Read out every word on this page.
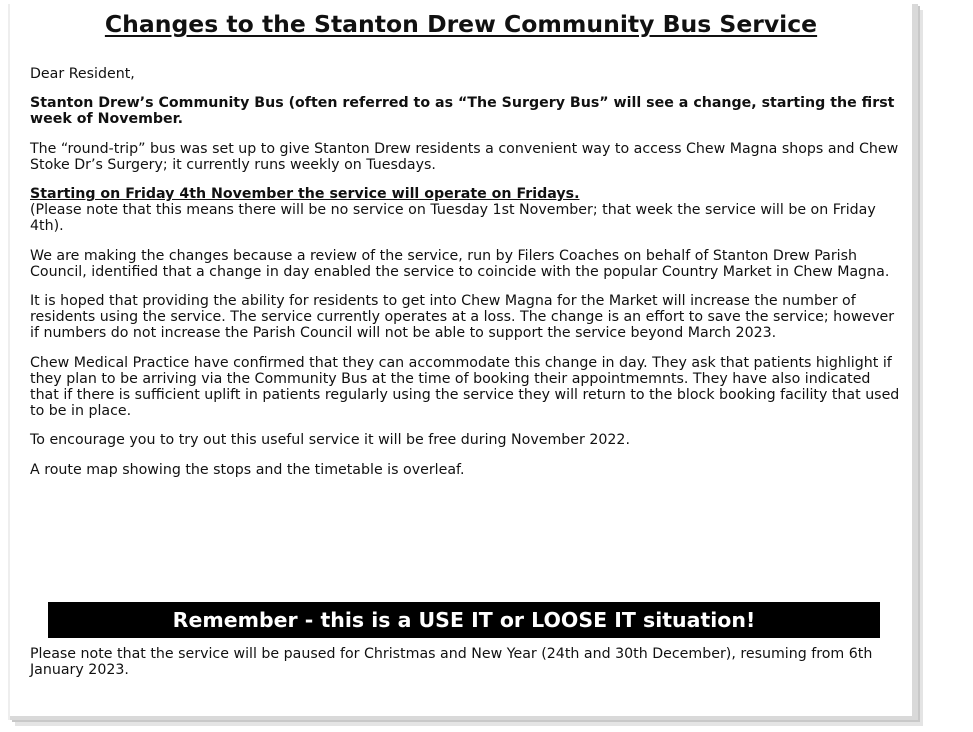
Changes to the Stanton Drew Community Bus Service

Dear Resident,

Stanton Drew’s Community Bus (often referred to as “The Surgery Bus” will see a change, starting the first week of November.

The “round-trip” bus was set up to give Stanton Drew residents a convenient way to access Chew Magna shops and Chew Stoke Dr’s Surgery; it currently runs weekly on Tuesdays.

Starting on Friday 4th November the service will operate on Fridays.
(Please note that this means there will be no service on Tuesday 1st November; that week the service will be on Friday 4th).

We are making the changes because a review of the service, run by Filers Coaches on behalf of Stanton Drew Parish Council, identified that a change in day enabled the service to coincide with the popular Country Market in Chew Magna.

It is hoped that providing the ability for residents to get into Chew Magna for the Market will increase the number of residents using the service. The service currently operates at a loss. The change is an effort to save the service; however if numbers do not increase the Parish Council will not be able to support the service beyond March 2023.

Chew Medical Practice have confirmed that they can accommodate this change in day. They ask that patients highlight if they plan to be arriving via the Community Bus at the time of booking their appointmemnts. They have also indicated that if there is sufficient uplift in patients regularly using the service they will return to the block booking facility that used to be in place.

To encourage you to try out this useful service it will be free during November 2022.

A route map showing the stops and the timetable is overleaf.

Remember - this is a USE IT or LOOSE IT situation!

Please note that the service will be paused for Christmas and New Year (24th and 30th December), resuming from 6th January 2023.
